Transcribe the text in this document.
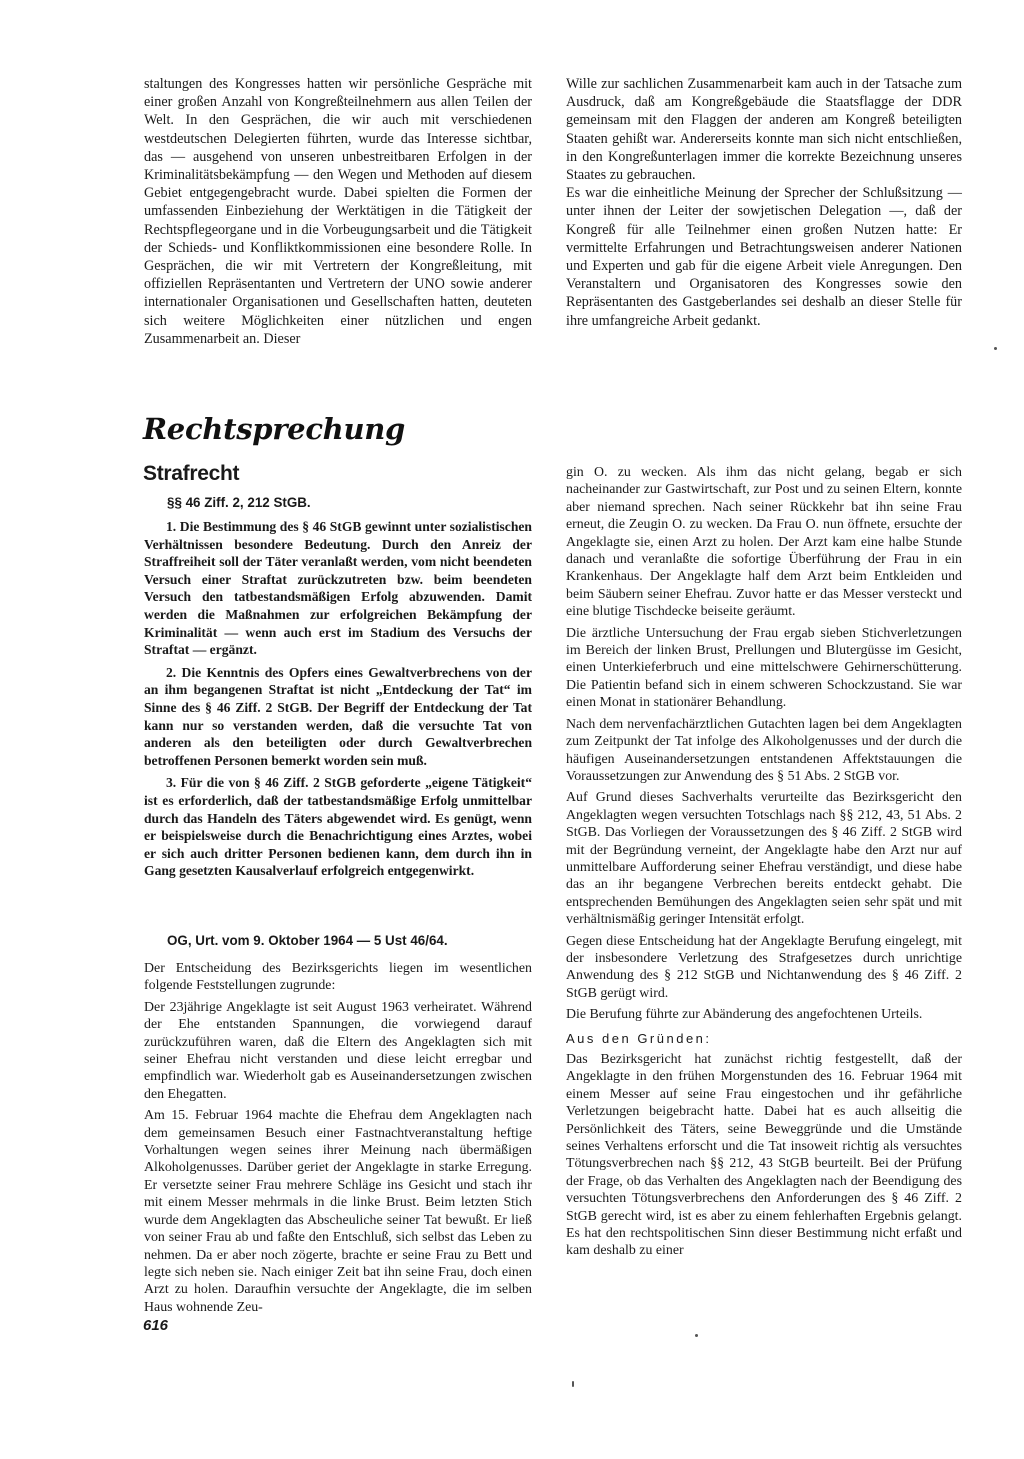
staltungen des Kongresses hatten wir persönliche Gespräche mit einer großen Anzahl von Kongreßteilnehmern aus allen Teilen der Welt. In den Gesprächen, die wir auch mit verschiedenen westdeutschen Delegierten führten, wurde das Interesse sichtbar, das — ausgehend von unseren unbestreitbaren Erfolgen in der Kriminalitätsbekämpfung — den Wegen und Methoden auf diesem Gebiet entgegengebracht wurde. Dabei spielten die Formen der umfassenden Einbeziehung der Werktätigen in die Tätigkeit der Rechtspflegeorgane und in die Vorbeugungsarbeit und die Tätigkeit der Schieds- und Konfliktkommissionen eine besondere Rolle. In Gesprächen, die wir mit Vertretern der Kongreßleitung, mit offiziellen Repräsentanten und Vertretern der UNO sowie anderer internationaler Organisationen und Gesellschaften hatten, deuteten sich weitere Möglichkeiten einer nützlichen und engen Zusammenarbeit an. Dieser

Wille zur sachlichen Zusammenarbeit kam auch in der Tatsache zum Ausdruck, daß am Kongreßgebäude die Staatsflagge der DDR gemeinsam mit den Flaggen der anderen am Kongreß beteiligten Staaten gehißt war. Andererseits konnte man sich nicht entschließen, in den Kongreßunterlagen immer die korrekte Bezeichnung unseres Staates zu gebrauchen.

Es war die einheitliche Meinung der Sprecher der Schlußsitzung — unter ihnen der Leiter der sowjetischen Delegation —, daß der Kongreß für alle Teilnehmer einen großen Nutzen hatte: Er vermittelte Erfahrungen und Betrachtungsweisen anderer Nationen und Experten und gab für die eigene Arbeit viele Anregungen. Den Veranstaltern und Organisatoren des Kongresses sowie den Repräsentanten des Gastgeberlandes sei deshalb an dieser Stelle für ihre umfangreiche Arbeit gedankt.

Rechtsprechung
Strafrecht
§§ 46 Ziff. 2, 212 StGB.

1. Die Bestimmung des § 46 StGB gewinnt unter sozialistischen Verhältnissen besondere Bedeutung. Durch den Anreiz der Straffreiheit soll der Täter veranlaßt werden, vom nicht beendeten Versuch einer Straftat zurückzutreten bzw. beim beendeten Versuch den tatbestandsmäßigen Erfolg abzuwenden. Damit werden die Maßnahmen zur erfolgreichen Bekämpfung der Kriminalität — wenn auch erst im Stadium des Versuchs der Straftat — ergänzt.

2. Die Kenntnis des Opfers eines Gewaltverbrechens von der an ihm begangenen Straftat ist nicht „Entdeckung der Tat“ im Sinne des § 46 Ziff. 2 StGB. Der Begriff der Entdeckung der Tat kann nur so verstanden werden, daß die versuchte Tat von anderen als den beteiligten oder durch Gewaltverbrechen betroffenen Personen bemerkt worden sein muß.

3. Für die von § 46 Ziff. 2 StGB geforderte „eigene Tätigkeit“ ist es erforderlich, daß der tatbestandsmäßige Erfolg unmittelbar durch das Handeln des Täters abgewendet wird. Es genügt, wenn er beispielsweise durch die Benachrichtigung eines Arztes, wobei er sich auch dritter Personen bedienen kann, dem durch ihn in Gang gesetzten Kausalverlauf erfolgreich entgegenwirkt.

OG, Urt. vom 9. Oktober 1964 — 5 Ust 46/64.

Der Entscheidung des Bezirksgerichts liegen im wesentlichen folgende Feststellungen zugrunde:

Der 23jährige Angeklagte ist seit August 1963 verheiratet. Während der Ehe entstanden Spannungen, die vorwiegend darauf zurückzuführen waren, daß die Eltern des Angeklagten sich mit seiner Ehefrau nicht verstanden und diese leicht erregbar und empfindlich war. Wiederholt gab es Auseinandersetzungen zwischen den Ehegatten.

Am 15. Februar 1964 machte die Ehefrau dem Angeklagten nach dem gemeinsamen Besuch einer Fastnachtveranstaltung heftige Vorhaltungen wegen seines ihrer Meinung nach übermäßigen Alkoholgenusses. Darüber geriet der Angeklagte in starke Erregung. Er versetzte seiner Frau mehrere Schläge ins Gesicht und stach ihr mit einem Messer mehrmals in die linke Brust. Beim letzten Stich wurde dem Angeklagten das Abscheuliche seiner Tat bewußt. Er ließ von seiner Frau ab und faßte den Entschluß, sich selbst das Leben zu nehmen. Da er aber noch zögerte, brachte er seine Frau zu Bett und legte sich neben sie. Nach einiger Zeit bat ihn seine Frau, doch einen Arzt zu holen. Daraufhin versuchte der Angeklagte, die im selben Haus wohnende Zeu-

gin O. zu wecken. Als ihm das nicht gelang, begab er sich nacheinander zur Gastwirtschaft, zur Post und zu seinen Eltern, konnte aber niemand sprechen. Nach seiner Rückkehr bat ihn seine Frau erneut, die Zeugin O. zu wecken. Da Frau O. nun öffnete, ersuchte der Angeklagte sie, einen Arzt zu holen. Der Arzt kam eine halbe Stunde danach und veranlaßte die sofortige Überführung der Frau in ein Krankenhaus. Der Angeklagte half dem Arzt beim Entkleiden und beim Säubern seiner Ehefrau. Zuvor hatte er das Messer versteckt und eine blutige Tischdecke beiseite geräumt.

Die ärztliche Untersuchung der Frau ergab sieben Stichverletzungen im Bereich der linken Brust, Prellungen und Blutergüsse im Gesicht, einen Unterkieferbruch und eine mittelschwere Gehirnerschütterung. Die Patientin befand sich in einem schweren Schockzustand. Sie war einen Monat in stationärer Behandlung.

Nach dem nervenfachärztlichen Gutachten lagen bei dem Angeklagten zum Zeitpunkt der Tat infolge des Alkoholgenusses und der durch die häufigen Auseinandersetzungen entstandenen Affektstauungen die Voraussetzungen zur Anwendung des § 51 Abs. 2 StGB vor.

Auf Grund dieses Sachverhalts verurteilte das Bezirksgericht den Angeklagten wegen versuchten Totschlags nach §§ 212, 43, 51 Abs. 2 StGB. Das Vorliegen der Voraussetzungen des § 46 Ziff. 2 StGB wird mit der Begründung verneint, der Angeklagte habe den Arzt nur auf unmittelbare Aufforderung seiner Ehefrau verständigt, und diese habe das an ihr begangene Verbrechen bereits entdeckt gehabt. Die entsprechenden Bemühungen des Angeklagten seien sehr spät und mit verhältnismäßig geringer Intensität erfolgt.

Gegen diese Entscheidung hat der Angeklagte Berufung eingelegt, mit der insbesondere Verletzung des Strafgesetzes durch unrichtige Anwendung des § 212 StGB und Nichtanwendung des § 46 Ziff. 2 StGB gerügt wird.

Die Berufung führte zur Abänderung des angefochtenen Urteils.

Aus den Gründen:

Das Bezirksgericht hat zunächst richtig festgestellt, daß der Angeklagte in den frühen Morgenstunden des 16. Februar 1964 mit einem Messer auf seine Frau eingestochen und ihr gefährliche Verletzungen beigebracht hatte. Dabei hat es auch allseitig die Persönlichkeit des Täters, seine Beweggründe und die Umstände seines Verhaltens erforscht und die Tat insoweit richtig als versuchtes Tötungsverbrechen nach §§ 212, 43 StGB beurteilt. Bei der Prüfung der Frage, ob das Verhalten des Angeklagten nach der Beendigung des versuchten Tötungsverbrechens den Anforderungen des § 46 Ziff. 2 StGB gerecht wird, ist es aber zu einem fehlerhaften Ergebnis gelangt. Es hat den rechtspolitischen Sinn dieser Bestimmung nicht erfaßt und kam deshalb zu einer

616
